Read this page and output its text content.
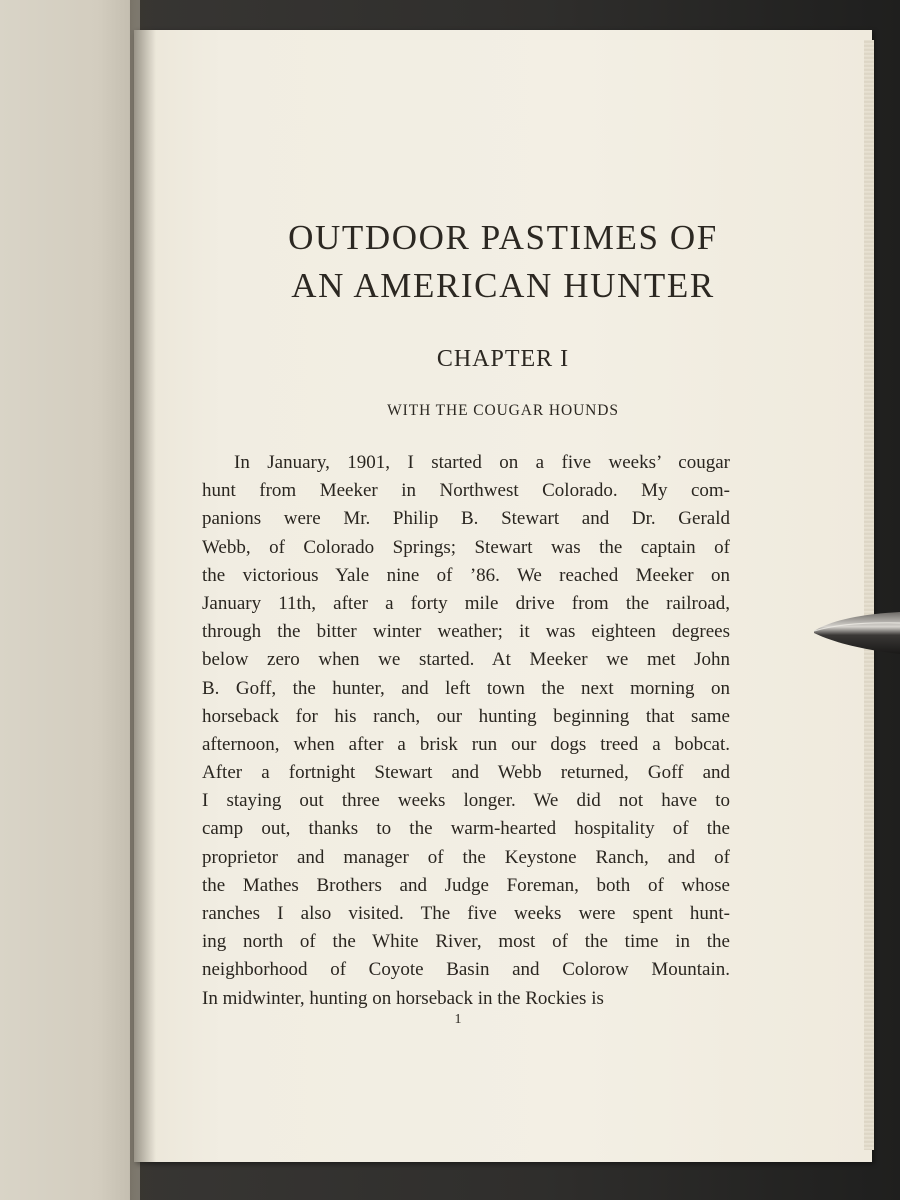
OUTDOOR PASTIMES OF
AN AMERICAN HUNTER
CHAPTER I
WITH THE COUGAR HOUNDS
In January, 1901, I started on a five weeks’ cougar
hunt from Meeker in Northwest Colorado. My com-
panions were Mr. Philip B. Stewart and Dr. Gerald
Webb, of Colorado Springs; Stewart was the captain of
the victorious Yale nine of ’86. We reached Meeker on
January 11th, after a forty mile drive from the railroad,
through the bitter winter weather; it was eighteen degrees
below zero when we started. At Meeker we met John
B. Goff, the hunter, and left town the next morning on
horseback for his ranch, our hunting beginning that same
afternoon, when after a brisk run our dogs treed a bobcat.
After a fortnight Stewart and Webb returned, Goff and
I staying out three weeks longer. We did not have to
camp out, thanks to the warm-hearted hospitality of the
proprietor and manager of the Keystone Ranch, and of
the Mathes Brothers and Judge Foreman, both of whose
ranches I also visited. The five weeks were spent hunt-
ing north of the White River, most of the time in the
neighborhood of Coyote Basin and Colorow Mountain.
In midwinter, hunting on horseback in the Rockies is
1
